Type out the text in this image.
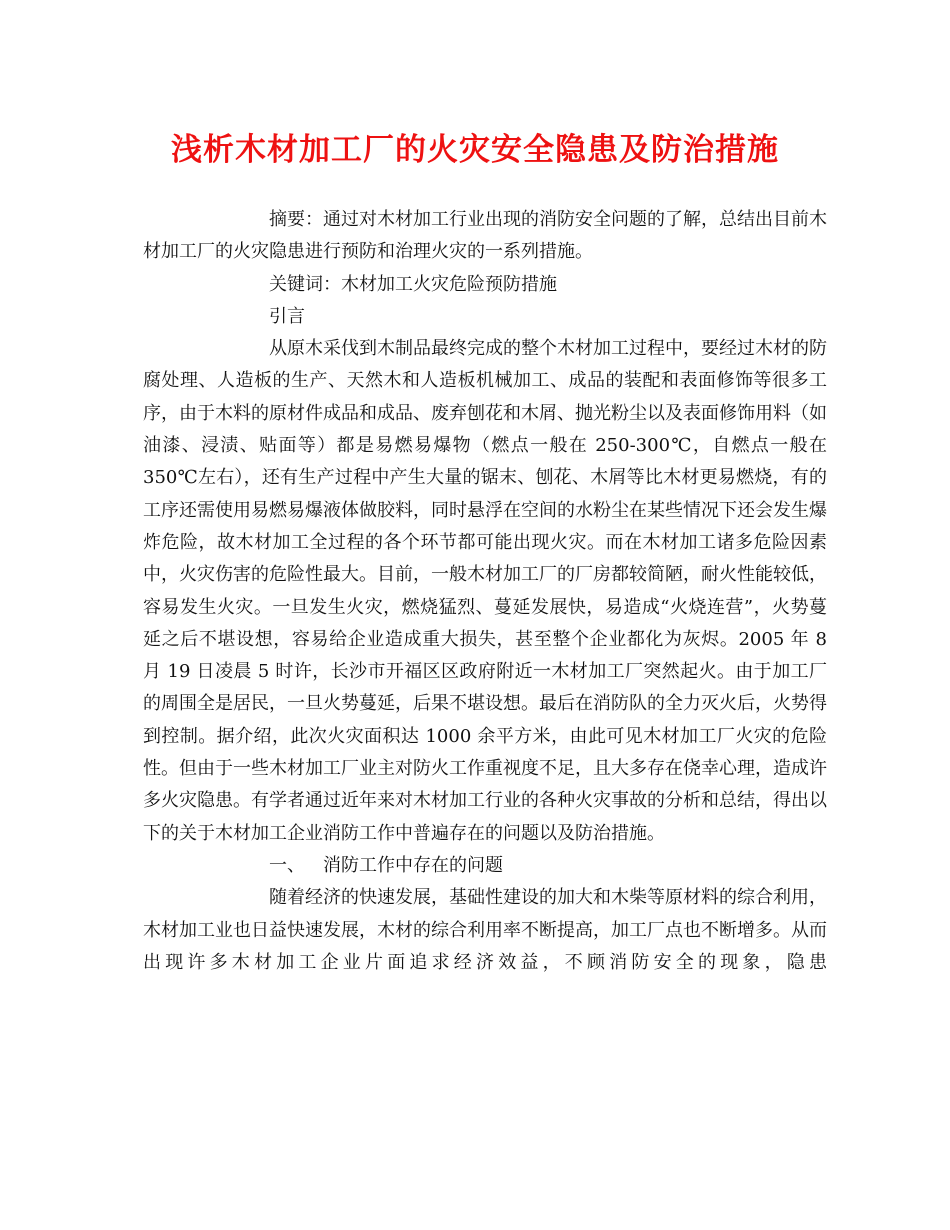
浅析木材加工厂的火灾安全隐患及防治措施

摘要：通过对木材加工行业出现的消防安全问题的了解，总结出目前木材加工厂的火灾隐患进行预防和治理火灾的一系列措施。

关键词：木材加工火灾危险预防措施

引言

从原木采伐到木制品最终完成的整个木材加工过程中，要经过木材的防腐处理、人造板的生产、天然木和人造板机械加工、成品的装配和表面修饰等很多工序，由于木料的原材件成品和成品、废弃刨花和木屑、抛光粉尘以及表面修饰用料（如油漆、浸渍、贴面等）都是易燃易爆物（燃点一般在 250-300℃，自燃点一般在 350℃左右），还有生产过程中产生大量的锯末、刨花、木屑等比木材更易燃烧，有的工序还需使用易燃易爆液体做胶料，同时悬浮在空间的水粉尘在某些情况下还会发生爆炸危险，故木材加工全过程的各个环节都可能出现火灾。而在木材加工诸多危险因素中，火灾伤害的危险性最大。目前，一般木材加工厂的厂房都较简陋，耐火性能较低，容易发生火灾。一旦发生火灾，燃烧猛烈、蔓延发展快，易造成“火烧连营”，火势蔓延之后不堪设想，容易给企业造成重大损失，甚至整个企业都化为灰烬。2005 年 8 月 19 日凌晨 5 时许，长沙市开福区区政府附近一木材加工厂突然起火。由于加工厂的周围全是居民，一旦火势蔓延，后果不堪设想。最后在消防队的全力灭火后，火势得到控制。据介绍，此次火灾面积达 1000 余平方米，由此可见木材加工厂火灾的危险性。但由于一些木材加工厂业主对防火工作重视度不足，且大多存在侥幸心理，造成许多火灾隐患。有学者通过近年来对木材加工行业的各种火灾事故的分析和总结，得出以下的关于木材加工企业消防工作中普遍存在的问题以及防治措施。

一、 消防工作中存在的问题

随着经济的快速发展，基础性建设的加大和木柴等原材料的综合利用，木材加工业也日益快速发展，木材的综合利用率不断提高，加工厂点也不断增多。从而出现许多木材加工企业片面追求经济效益，不顾消防安全的现象，隐患
